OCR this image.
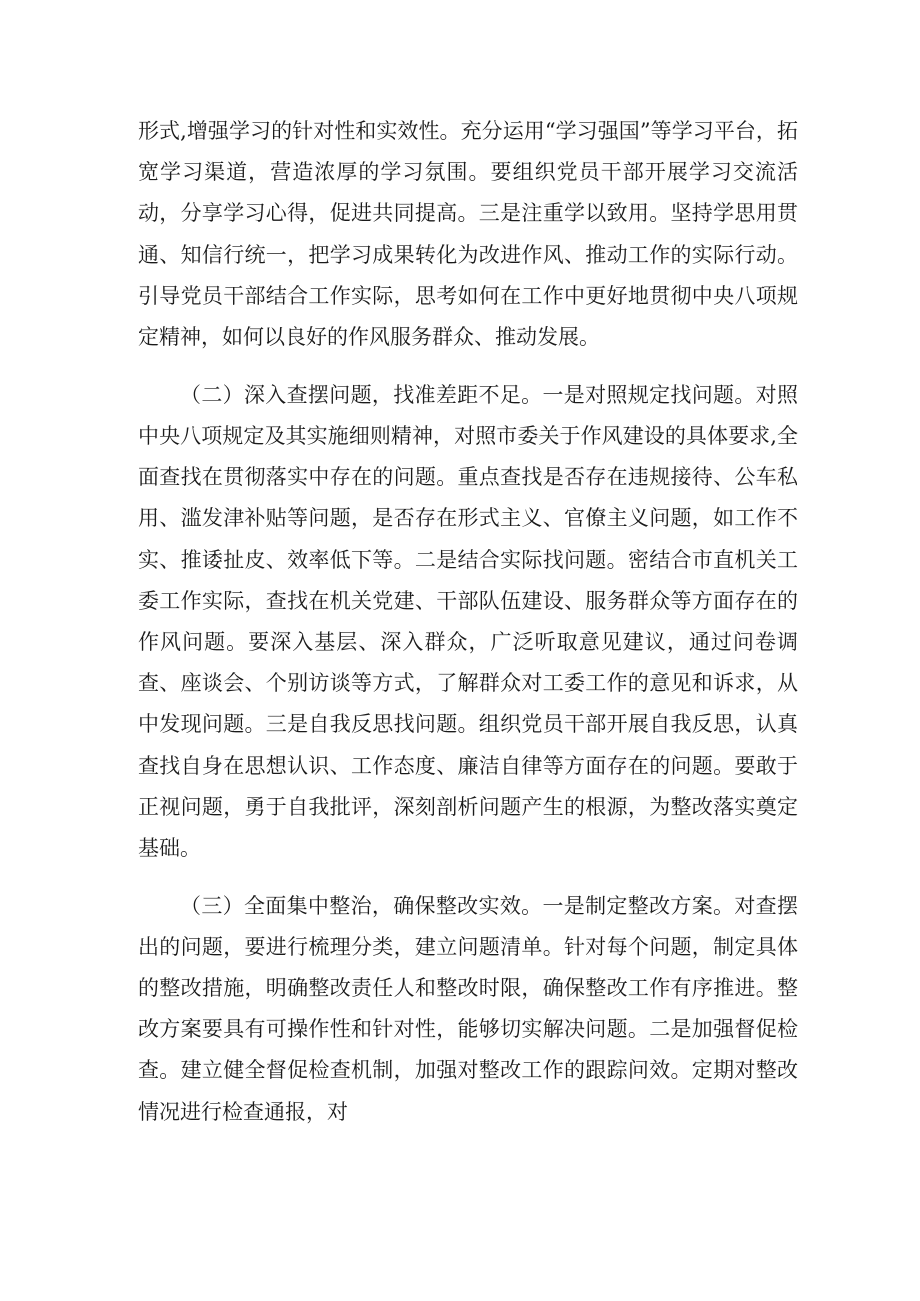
形式,增强学习的针对性和实效性。充分运用“学习强国”等学习平台，拓宽学习渠道，营造浓厚的学习氛围。要组织党员干部开展学习交流活动，分享学习心得，促进共同提高。三是注重学以致用。坚持学思用贯通、知信行统一，把学习成果转化为改进作风、推动工作的实际行动。引导党员干部结合工作实际，思考如何在工作中更好地贯彻中央八项规定精神，如何以良好的作风服务群众、推动发展。

（二）深入查摆问题，找准差距不足。一是对照规定找问题。对照中央八项规定及其实施细则精神，对照市委关于作风建设的具体要求,全面查找在贯彻落实中存在的问题。重点查找是否存在违规接待、公车私用、滥发津补贴等问题，是否存在形式主义、官僚主义问题，如工作不实、推诿扯皮、效率低下等。二是结合实际找问题。密结合市直机关工委工作实际，查找在机关党建、干部队伍建设、服务群众等方面存在的作风问题。要深入基层、深入群众，广泛听取意见建议，通过问卷调查、座谈会、个别访谈等方式，了解群众对工委工作的意见和诉求，从中发现问题。三是自我反思找问题。组织党员干部开展自我反思，认真查找自身在思想认识、工作态度、廉洁自律等方面存在的问题。要敢于正视问题，勇于自我批评，深刻剖析问题产生的根源，为整改落实奠定基础。

（三）全面集中整治，确保整改实效。一是制定整改方案。对查摆出的问题，要进行梳理分类，建立问题清单。针对每个问题，制定具体的整改措施，明确整改责任人和整改时限，确保整改工作有序推进。整改方案要具有可操作性和针对性，能够切实解决问题。二是加强督促检查。建立健全督促检查机制，加强对整改工作的跟踪问效。定期对整改情况进行检查通报，对
